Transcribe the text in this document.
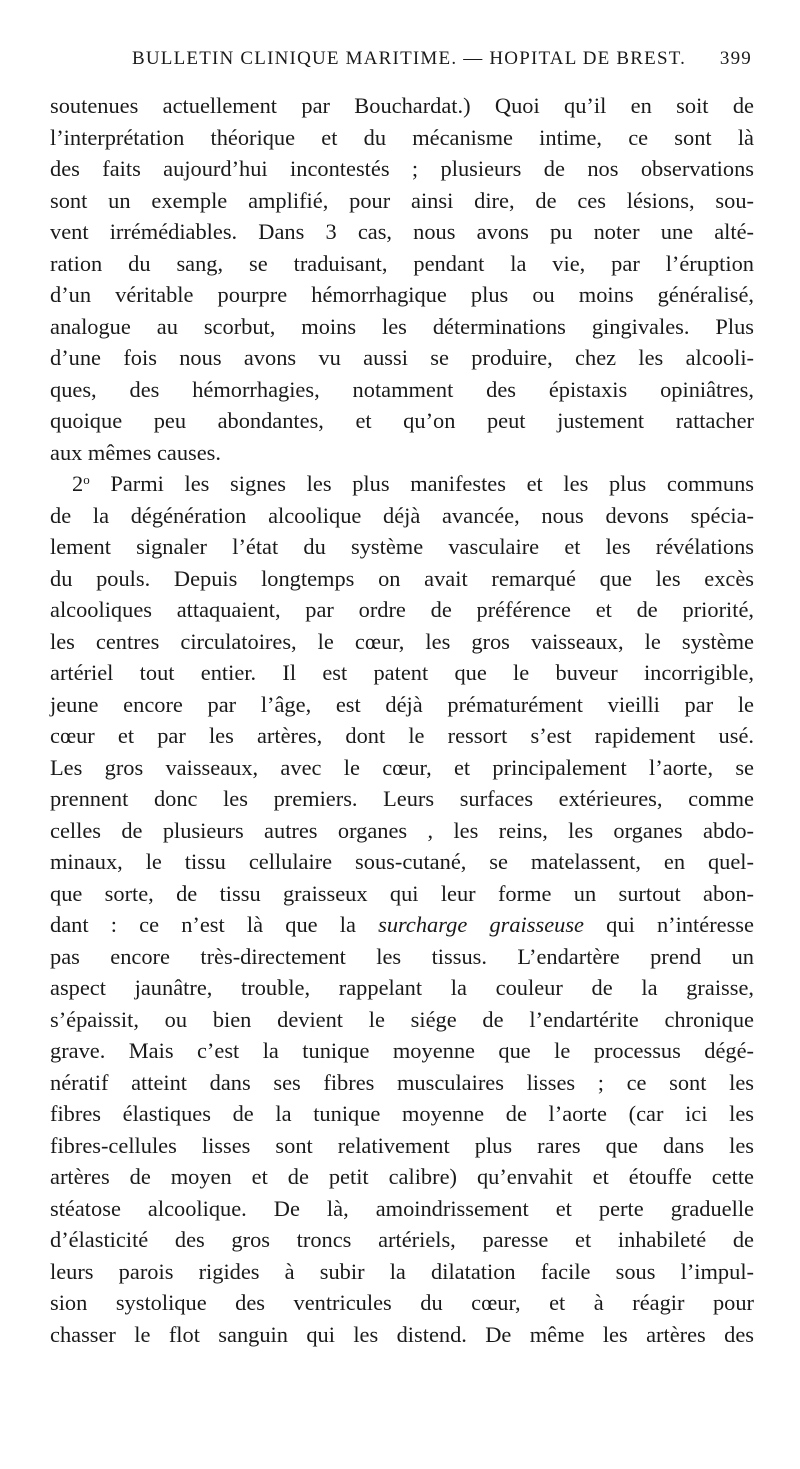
BULLETIN CLINIQUE MARITIME. — HOPITAL DE BREST. 399
soutenues actuellement par Bouchardat.) Quoi qu’il en soit de
l’interprétation théorique et du mécanisme intime, ce sont là
des faits aujourd’hui incontestés ; plusieurs de nos observations
sont un exemple amplifié, pour ainsi dire, de ces lésions, sou-
vent irrémédiables. Dans 3 cas, nous avons pu noter une alté-
ration du sang, se traduisant, pendant la vie, par l’éruption
d’un véritable pourpre hémorrhagique plus ou moins généralisé,
analogue au scorbut, moins les déterminations gingivales. Plus
d’une fois nous avons vu aussi se produire, chez les alcooli-
ques, des hémorrhagies, notamment des épistaxis opiniâtres,
quoique peu abondantes, et qu’on peut justement rattacher
aux mêmes causes.
2$^o$ Parmi les signes les plus manifestes et les plus communs
de la dégénération alcoolique déjà avancée, nous devons spécia-
lement signaler l’état du système vasculaire et les révélations
du pouls. Depuis longtemps on avait remarqué que les excès
alcooliques attaquaient, par ordre de préférence et de priorité,
les centres circulatoires, le cœur, les gros vaisseaux, le système
artériel tout entier. Il est patent que le buveur incorrigible,
jeune encore par l’âge, est déjà prématurément vieilli par le
cœur et par les artères, dont le ressort s’est rapidement usé.
Les gros vaisseaux, avec le cœur, et principalement l’aorte, se
prennent donc les premiers. Leurs surfaces extérieures, comme
celles de plusieurs autres organes , les reins, les organes abdo-
minaux, le tissu cellulaire sous-cutané, se matelassent, en quel-
que sorte, de tissu graisseux qui leur forme un surtout abon-
dant : ce n’est là que la surcharge graisseuse qui n’intéresse
pas encore très-directement les tissus. L’endartère prend un
aspect jaunâtre, trouble, rappelant la couleur de la graisse,
s’épaissit, ou bien devient le siége de l’endartérite chronique
grave. Mais c’est la tunique moyenne que le processus dégé-
nératif atteint dans ses fibres musculaires lisses ; ce sont les
fibres élastiques de la tunique moyenne de l’aorte (car ici les
fibres-cellules lisses sont relativement plus rares que dans les
artères de moyen et de petit calibre) qu’envahit et étouffe cette
stéatose alcoolique. De là, amoindrissement et perte graduelle
d’élasticité des gros troncs artériels, paresse et inhabileté de
leurs parois rigides à subir la dilatation facile sous l’impul-
sion systolique des ventricules du cœur, et à réagir pour
chasser le flot sanguin qui les distend. De même les artères des
